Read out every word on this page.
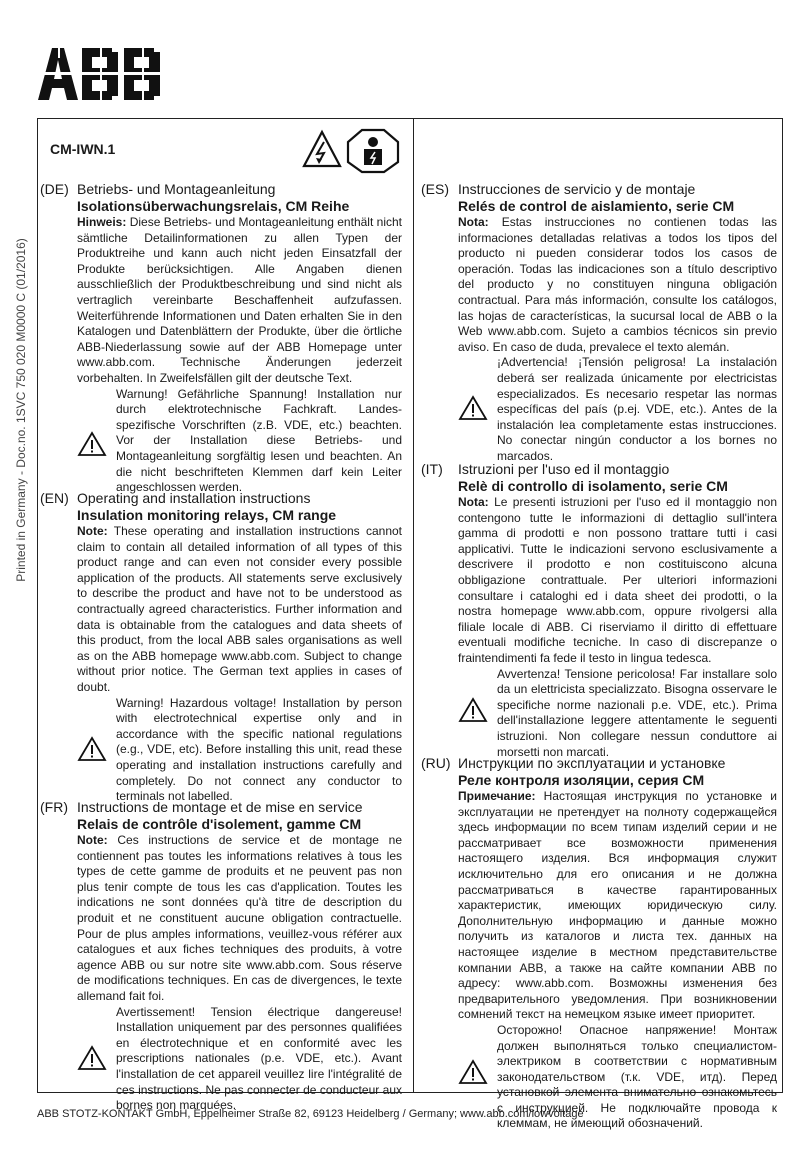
Printed in Germany - Doc.no. 1SVC 750 020 M0000 C (01/2016)
CM-IWN.1
(DE) Betriebs- und Montageanleitung
Isolationsüberwachungsrelais, CM Reihe

Hinweis: Diese Betriebs- und Montageanleitung enthält nicht sämtliche Detailinformationen zu allen Typen der Produktreihe und kann auch nicht jeden Einsatzfall der Produkte berücksichtigen. Alle Angaben dienen ausschließlich der Produktbeschreibung und sind nicht als vertraglich vereinbarte Beschaffenheit aufzufassen. Weiterführende Informationen und Daten erhalten Sie in den Katalogen und Datenblättern der Produkte, über die örtliche ABB-Niederlassung sowie auf der ABB Homepage unter www.abb.com. Technische Änderungen jederzeit vorbehalten. In Zweifelsfällen gilt der deutsche Text.

Warnung! Gefährliche Spannung! Installation nur durch elektrotechnische Fachkraft. Landes-spezifische Vorschriften (z.B. VDE, etc.) beachten. Vor der Installation diese Betriebs- und Montageanleitung sorgfältig lesen und beachten. An die nicht beschrifteten Klemmen darf kein Leiter angeschlossen werden.
(EN) Operating and installation instructions
Insulation monitoring relays, CM range

Note: These operating and installation instructions cannot claim to contain all detailed information of all types of this product range and can even not consider every possible application of the products. All statements serve exclusively to describe the product and have not to be understood as contractually agreed characteristics. Further information and data is obtainable from the catalogues and data sheets of this product, from the local ABB sales organisations as well as on the ABB homepage www.abb.com. Subject to change without prior notice. The German text applies in cases of doubt.

Warning! Hazardous voltage! Installation by person with electrotechnical expertise only and in accordance with the specific national regulations (e.g., VDE, etc). Before installing this unit, read these operating and installation instructions carefully and completely. Do not connect any conductor to terminals not labelled.
(FR) Instructions de montage et de mise en service
Relais de contrôle d'isolement, gamme CM

Note: Ces instructions de service et de montage ne contiennent pas toutes les informations relatives à tous les types de cette gamme de produits et ne peuvent pas non plus tenir compte de tous les cas d'application. Toutes les indications ne sont données qu'à titre de description du produit et ne constituent aucune obligation contractuelle. Pour de plus amples informations, veuillez-vous référer aux catalogues et aux fiches techniques des produits, à votre agence ABB ou sur notre site www.abb.com. Sous réserve de modifications techniques. En cas de divergences, le texte allemand fait foi.

Avertissement! Tension électrique dangereuse! Installation uniquement par des personnes qualifiées en électrotechnique et en conformité avec les prescriptions nationales (p.e. VDE, etc.). Avant l'installation de cet appareil veuillez lire l'intégralité de ces instructions. Ne pas connecter de conducteur aux bornes non marquées.
(ES) Instrucciones de servicio y de montaje
Relés de control de aislamiento, serie CM

Nota: Estas instrucciones no contienen todas las informaciones detalladas relativas a todos los tipos del producto ni pueden considerar todos los casos de operación. Todas las indicaciones son a título descriptivo del producto y no constituyen ninguna obligación contractual. Para más información, consulte los catálogos, las hojas de características, la sucursal local de ABB o la Web www.abb.com. Sujeto a cambios técnicos sin previo aviso. En caso de duda, prevalece el texto alemán.

¡Advertencia! ¡Tensión peligrosa! La instalación deberá ser realizada únicamente por electricistas especializados. Es necesario respetar las normas específicas del país (p.ej. VDE, etc.). Antes de la instalación lea completamente estas instrucciones. No conectar ningún conductor a los bornes no marcados.
(IT)	Istruzioni per l'uso ed il montaggio
Relè di controllo di isolamento, serie CM

Nota: Le presenti istruzioni per l'uso ed il montaggio non contengono tutte le informazioni di dettaglio sull'intera gamma di prodotti e non possono trattare tutti i casi applicativi. Tutte le indicazioni servono esclusivamente a descrivere il prodotto e non costituiscono alcuna obbligazione contrattuale. Per ulteriori informazioni consultare i cataloghi ed i data sheet dei prodotti, o la nostra homepage www.abb.com, oppure rivolgersi alla filiale locale di ABB. Ci riserviamo il diritto di effettuare eventuali modifiche tecniche. In caso di discrepanze o fraintendimenti fa fede il testo in lingua tedesca.

Avvertenza! Tensione pericolosa! Far installare solo da un elettricista specializzato. Bisogna osservare le specifiche norme nazionali p.e. VDE, etc.). Prima dell'installazione leggere attentamente le seguenti istruzioni. Non collegare nessun conduttore ai morsetti non marcati.
(RU) Инструкции по эксплуатации и установке
Реле контроля изоляции, серия CM

Примечание: Настоящая инструкция по установке и эксплуатации не претендует на полноту содержащейся здесь информации по всем типам изделий серии и не рассматривает все возможности применения настоящего изделия. Вся информация служит исключительно для его описания и не должна рассматриваться в качестве гарантированных характеристик, имеющих юридическую силу. Дополнительную информацию и данные можно получить из каталогов и листа тех. данных на настоящее изделие в местном представительстве компании ABB, а также на сайте компании ABB по адресу: www.abb.com. Возможны изменения без предварительного уведомления. При возникновении сомнений текст на немецком языке имеет приоритет.

Осторожно! Опасное напряжение! Монтаж должен выполняться только специалистом-электриком в соответствии с нормативным законодательством (т.к. VDE, итд). Перед установкой элемента внимательно ознакомьтесь с инструкцией. Не подключайте провода к клеммам, не имеющий обозначений.
ABB STOTZ-KONTAKT GmbH, Eppelheimer Straße 82, 69123 Heidelberg / Germany; www.abb.com/lowvoltage
